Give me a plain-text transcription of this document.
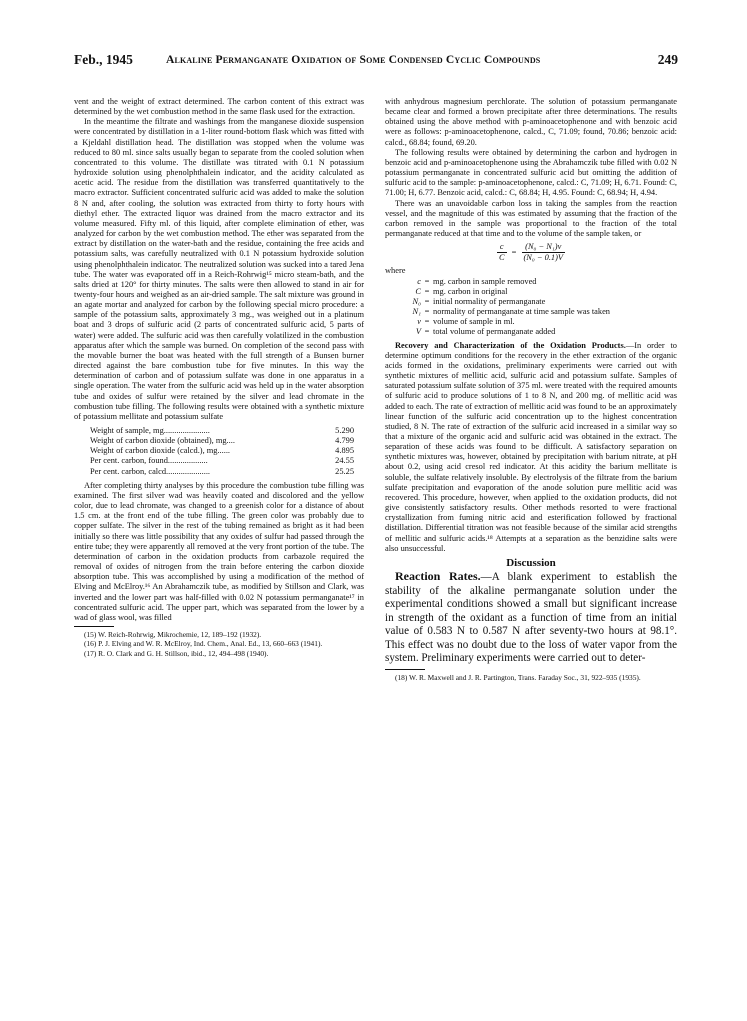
Feb., 1945	Alkaline Permanganate Oxidation of Some Condensed Cyclic Compounds	249

vent and the weight of extract determined. The carbon content of this extract was determined by the wet combustion method in the same flask used for the extraction.

In the meantime the filtrate and washings from the manganese dioxide suspension were concentrated by distillation in a 1-liter round-bottom flask which was fitted with a Kjeldahl distillation head. The distillation was stopped when the volume was reduced to 80 ml. since salts usually began to separate from the cooled solution when concentrated to this volume. The distillate was titrated with 0.1 N potassium hydroxide solution using phenolphthalein indicator, and the acidity calculated as acetic acid. The residue from the distillation was transferred quantitatively to the macro extractor. Sufficient concentrated sulfuric acid was added to make the solution 8 N and, after cooling, the solution was extracted from thirty to forty hours with diethyl ether. The extracted liquor was drained from the macro extractor and its volume measured. Fifty ml. of this liquid, after complete elimination of ether, was analyzed for carbon by the wet combustion method. The ether was separated from the extract by distillation on the water-bath and the residue, containing the free acids and potassium salts, was carefully neutralized with 0.1 N potassium hydroxide solution using phenolphthalein indicator. The neutralized solution was sucked into a tared Jena tube. The water was evaporated off in a Reich-Rohrwig¹⁵ micro steam-bath, and the salts dried at 120° for thirty minutes. The salts were then allowed to stand in air for twenty-four hours and weighed as an air-dried sample. The salt mixture was ground in an agate mortar and analyzed for carbon by the following special micro procedure: a sample of the potassium salts, approximately 3 mg., was weighed out in a platinum boat and 3 drops of sulfuric acid (2 parts of concentrated sulfuric acid, 5 parts of water) were added. The sulfuric acid was then carefully volatilized in the combustion apparatus after which the sample was burned. On completion of the second pass with the movable burner the boat was heated with the full strength of a Bunsen burner directed against the bare combustion tube for five minutes. In this way the determination of carbon and of potassium sulfate was done in one apparatus in a single operation. The water from the sulfuric acid was held up in the water absorption tube and oxides of sulfur were retained by the silver and lead chromate in the combustion tube filling. The following results were obtained with a synthetic mixture of potassium mellitate and potassium sulfate

Weight of sample, mg......................	5.290
Weight of carbon dioxide (obtained), mg....	4.799
Weight of carbon dioxide (calcd.), mg......	4.895
Per cent. carbon, found...................	24.55
Per cent. carbon, calcd.....................	25.25

After completing thirty analyses by this procedure the combustion tube filling was examined. The first silver wad was heavily coated and discolored and the yellow color, due to lead chromate, was changed to a greenish color for a distance of about 1.5 cm. at the front end of the tube filling. The green color was probably due to copper sulfate. The silver in the rest of the tubing remained as bright as it had been initially so there was little possibility that any oxides of sulfur had passed through the entire tube; they were apparently all removed at the very front portion of the tube. The determination of carbon in the oxidation products from carbazole required the removal of oxides of nitrogen from the train before entering the carbon dioxide absorption tube. This was accomplished by using a modification of the method of Elving and McElroy.¹⁶ An Abrahamczik tube, as modified by Stillson and Clark, was inverted and the lower part was half-filled with 0.02 N potassium permanganate¹⁷ in concentrated sulfuric acid. The upper part, which was separated from the lower by a wad of glass wool, was filled

(15) W. Reich-Rohrwig, Mikrochemie, 12, 189–192 (1932).

(16) P. J. Elving and W. R. McElroy, Ind. Chem., Anal. Ed., 13, 660–663 (1941).

(17) R. O. Clark and G. H. Stillson, ibid., 12, 494–498 (1940).

with anhydrous magnesium perchlorate. The solution of potassium permanganate became clear and formed a brown precipitate after three determinations. The results obtained using the above method with p-aminoacetophenone and with benzoic acid were as follows: p-aminoacetophenone, calcd., C, 71.09; found, 70.86; benzoic acid: calcd., 68.84; found, 69.20.

The following results were obtained by determining the carbon and hydrogen in benzoic acid and p-aminoacetophenone using the Abrahamczik tube filled with 0.02 N potassium permanganate in concentrated sulfuric acid but omitting the addition of sulfuric acid to the sample: p-aminoacetophenone, calcd.: C, 71.09; H, 6.71. Found: C, 71.00; H, 6.77. Benzoic acid, calcd.: C, 68.84; H, 4.95. Found: C, 68.94; H, 4.94.

There was an unavoidable carbon loss in taking the samples from the reaction vessel, and the magnitude of this was estimated by assuming that the fraction of the carbon removed in the sample was proportional to the fraction of the total permanganate reduced at that time and to the volume of the sample taken, or

$\frac{c}{C} = \frac{\text{(N₀ − N₁)v}}{\text{(N₀ − 0.1)V}}$

where

c = mg. carbon in sample removed
C = mg. carbon in original
N₀ = initial normality of permanganate
N₁ = normality of permanganate at time sample was taken
v = volume of sample in ml.
V = total volume of permanganate added

Recovery and Characterization of the Oxidation Products.—In order to determine optimum conditions for the recovery in the ether extraction of the organic acids formed in the oxidations, preliminary experiments were carried out with synthetic mixtures of mellitic acid, sulfuric acid and potassium sulfate. Samples of saturated potassium sulfate solution of 375 ml. were treated with the required amounts of sulfuric acid to produce solutions of 1 to 8 N, and 200 mg. of mellitic acid was added to each. The rate of extraction of mellitic acid was found to be an approximately linear function of the sulfuric acid concentration up to the highest concentration studied, 8 N. The rate of extraction of the sulfuric acid increased in a similar way so that a mixture of the organic acid and sulfuric acid was obtained in the extract. The separation of these acids was found to be difficult. A satisfactory separation on synthetic mixtures was, however, obtained by precipitation with barium nitrate, at pH about 0.2, using acid cresol red indicator. At this acidity the barium mellitate is soluble, the sulfate relatively insoluble. By electrolysis of the filtrate from the barium sulfate precipitation and evaporation of the anode solution pure mellitic acid was recovered. This procedure, however, when applied to the oxidation products, did not give consistently satisfactory results. Other methods resorted to were fractional crystallization from fuming nitric acid and esterification followed by fractional distillation. Differential titration was not feasible because of the similar acid strengths of mellitic and sulfuric acids.¹⁸ Attempts at a separation as the benzidine salts were also unsuccessful.

Discussion

Reaction Rates.—A blank experiment to establish the stability of the alkaline permanganate solution under the experimental conditions showed a small but significant increase in strength of the oxidant as a function of time from an initial value of 0.583 N to 0.587 N after seventy-two hours at 98.1°. This effect was no doubt due to the loss of water vapor from the system. Preliminary experiments were carried out to deter-

(18) W. R. Maxwell and J. R. Partington, Trans. Faraday Soc., 31, 922–935 (1935).
